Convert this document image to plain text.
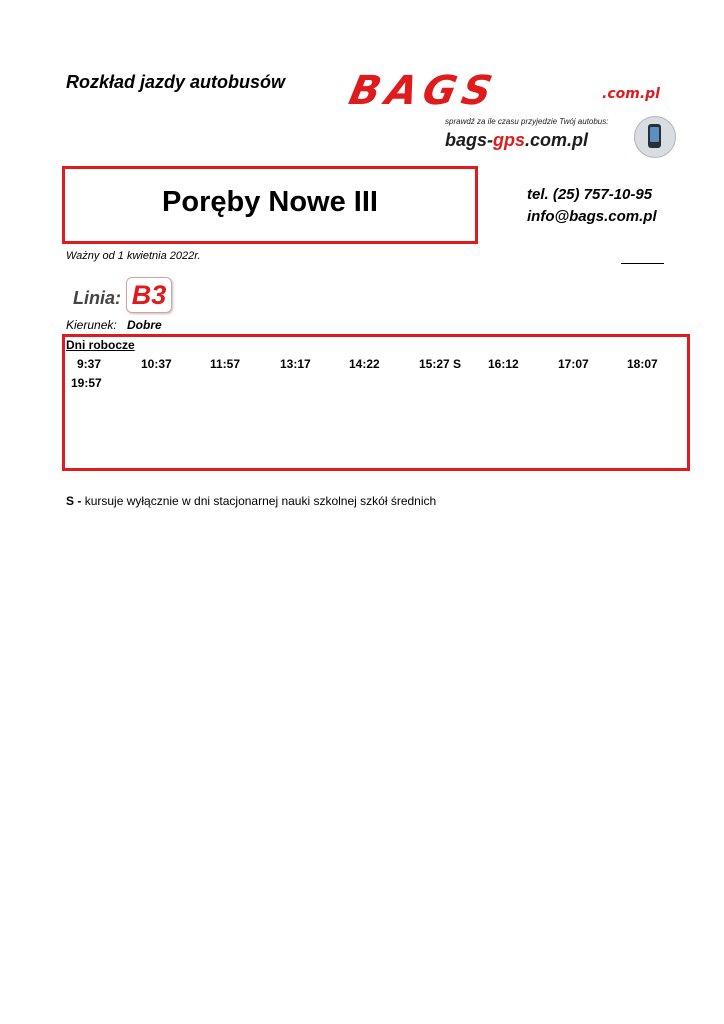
Rozkład jazdy autobusów BAGS	.com.pl
sprawdź za ile czasu przyjedzie Twój autobus:
bags-gps.com.pl
Poręby Nowe III	tel. (25) 757-10-95
info@bags.com.pl
Ważny od 1 kwietnia 2022r.
Linia: B3
Kierunek: Dobre
Dni robocze
9:37	10:37	11:57	13:17	14:22	15:27 S 16:12	17:07	18:07
19:57
S - kursuje wyłącznie w dni stacjonarnej nauki szkolnej szkół średnich
